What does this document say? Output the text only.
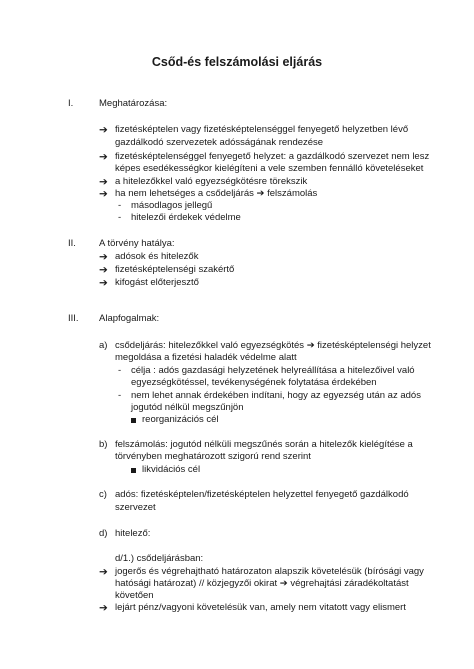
Csőd-és felszámolási eljárás
I.	Meghatározása:
➔ fizetésképtelen vagy fizetésképtelenséggel fenyegető helyzetben lévő
gazdálkodó szervezetek adósságának rendezése
➔ fizetésképtelenséggel fenyegető helyzet: a gazdálkodó szervezet nem lesz
képes esedékességkor kielégíteni a vele szemben fennálló követeléseket
➔ a hitelezőkkel való egyezségkötésre törekszik
➔ ha nem lehetséges a csődeljárás ➔ felszámolás
- másodlagos jellegű
- hitelezői érdekek védelme
II. A törvény hatálya:
➔ adósok és hitelezők
➔ fizetésképtelenségi szakértő
➔ kifogást előterjesztő
III. Alapfogalmak:
a) csődeljárás: hitelezőkkel való egyezségkötés ➔ fizetésképtelenségi helyzet
megoldása a fizetési haladék védelme alatt
- célja : adós gazdasági helyzetének helyreállítása a hitelezőivel való
egyezségkötéssel, tevékenységének folytatása érdekében
- nem lehet annak érdekében indítani, hogy az egyezség után az adós
jogutód nélkül megszűnjön
reorganizációs cél
b) felszámolás: jogutód nélküli megszűnés során a hitelezők kielégítése a
törvényben meghatározott szigorú rend szerint
likvidációs cél
c) adós: fizetésképtelen/fizetésképtelen helyzettel fenyegető gazdálkodó
szervezet
d) hitelező:
d/1.) csődeljárásban:
➔ jogerős és végrehajtható határozaton alapszik követelésük (bírósági vagy
hatósági határozat) // közjegyzői okirat ➔ végrehajtási záradékoltatást
követően
➔ lejárt pénz/vagyoni követelésük van, amely nem vitatott vagy elismert
